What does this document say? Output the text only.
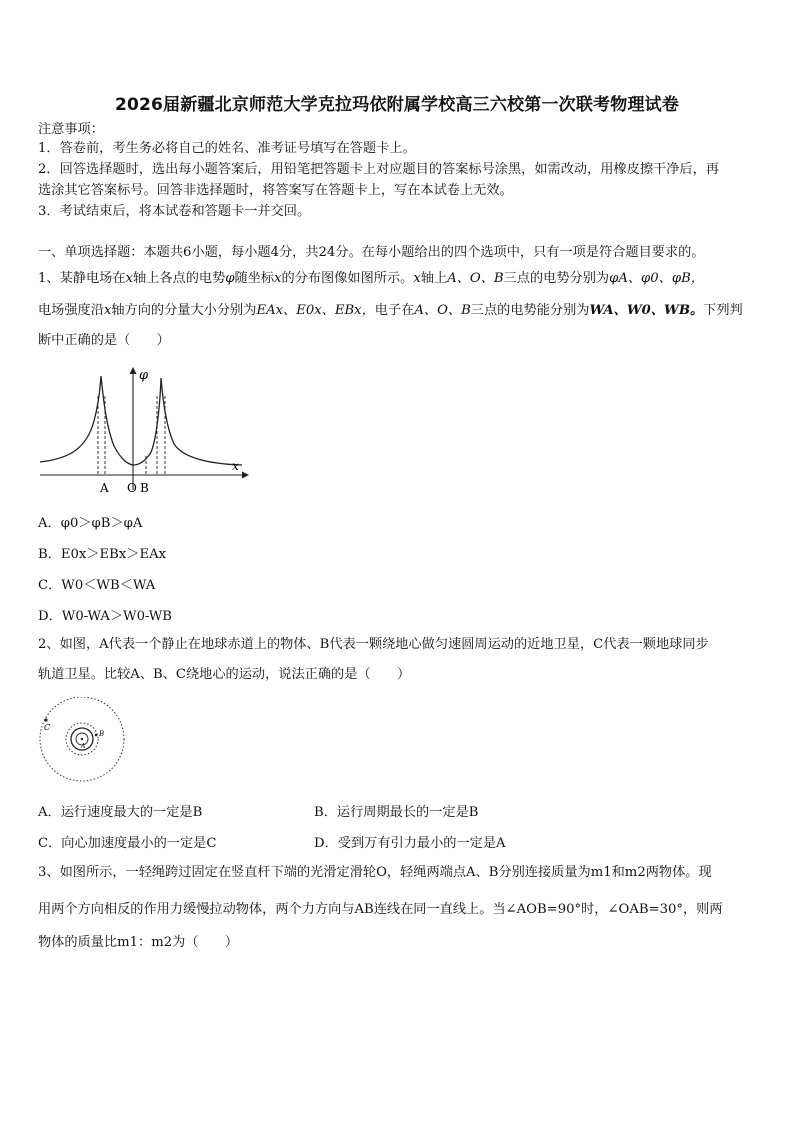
2026届新疆北京师范大学克拉玛依附属学校高三六校第一次联考物理试卷
注意事项：
1．答卷前，考生务必将自己的姓名、准考证号填写在答题卡上。
2．回答选择题时，选出每小题答案后，用铅笔把答题卡上对应题目的答案标号涂黑，如需改动，用橡皮擦干净后，再
选涂其它答案标号。回答非选择题时，将答案写在答题卡上，写在本试卷上无效。
3．考试结束后，将本试卷和答题卡一并交回。
一、单项选择题：本题共6小题，每小题4分，共24分。在每小题给出的四个选项中，只有一项是符合题目要求的。
1、某静电场在x轴上各点的电势φ随坐标x的分布图像如图所示。x轴上A、O、B三点的电势分别为φA、φ0、φB，
电场强度沿x轴方向的分量大小分别为EAx、E0x、EBx，电子在A、O、B三点的电势能分别为WA、W0、WB。下列判
断中正确的是（　　）
φ
x
A O B
A．φ0＞φB＞φA
B．E0x＞EBx＞EAx
C．W0＜WB＜WA
D．W0-WA＞W0-WB
2、如图，A代表一个静止在地球赤道上的物体、B代表一颗绕地心做匀速圆周运动的近地卫星，C代表一颗地球同步
轨道卫星。比较A、B、C绕地心的运动，说法正确的是（　　）
C
B
A
A．运行速度最大的一定是B	B．运行周期最长的一定是B
C．向心加速度最小的一定是C	D．受到万有引力最小的一定是A
3、如图所示，一轻绳跨过固定在竖直杆下端的光滑定滑轮O，轻绳两端点A、B分别连接质量为m1和m2两物体。现
用两个方向相反的作用力缓慢拉动物体，两个力方向与AB连线在同一直线上。当∠AOB=90°时，∠OAB=30°，则两
物体的质量比m1：m2为（　　）
